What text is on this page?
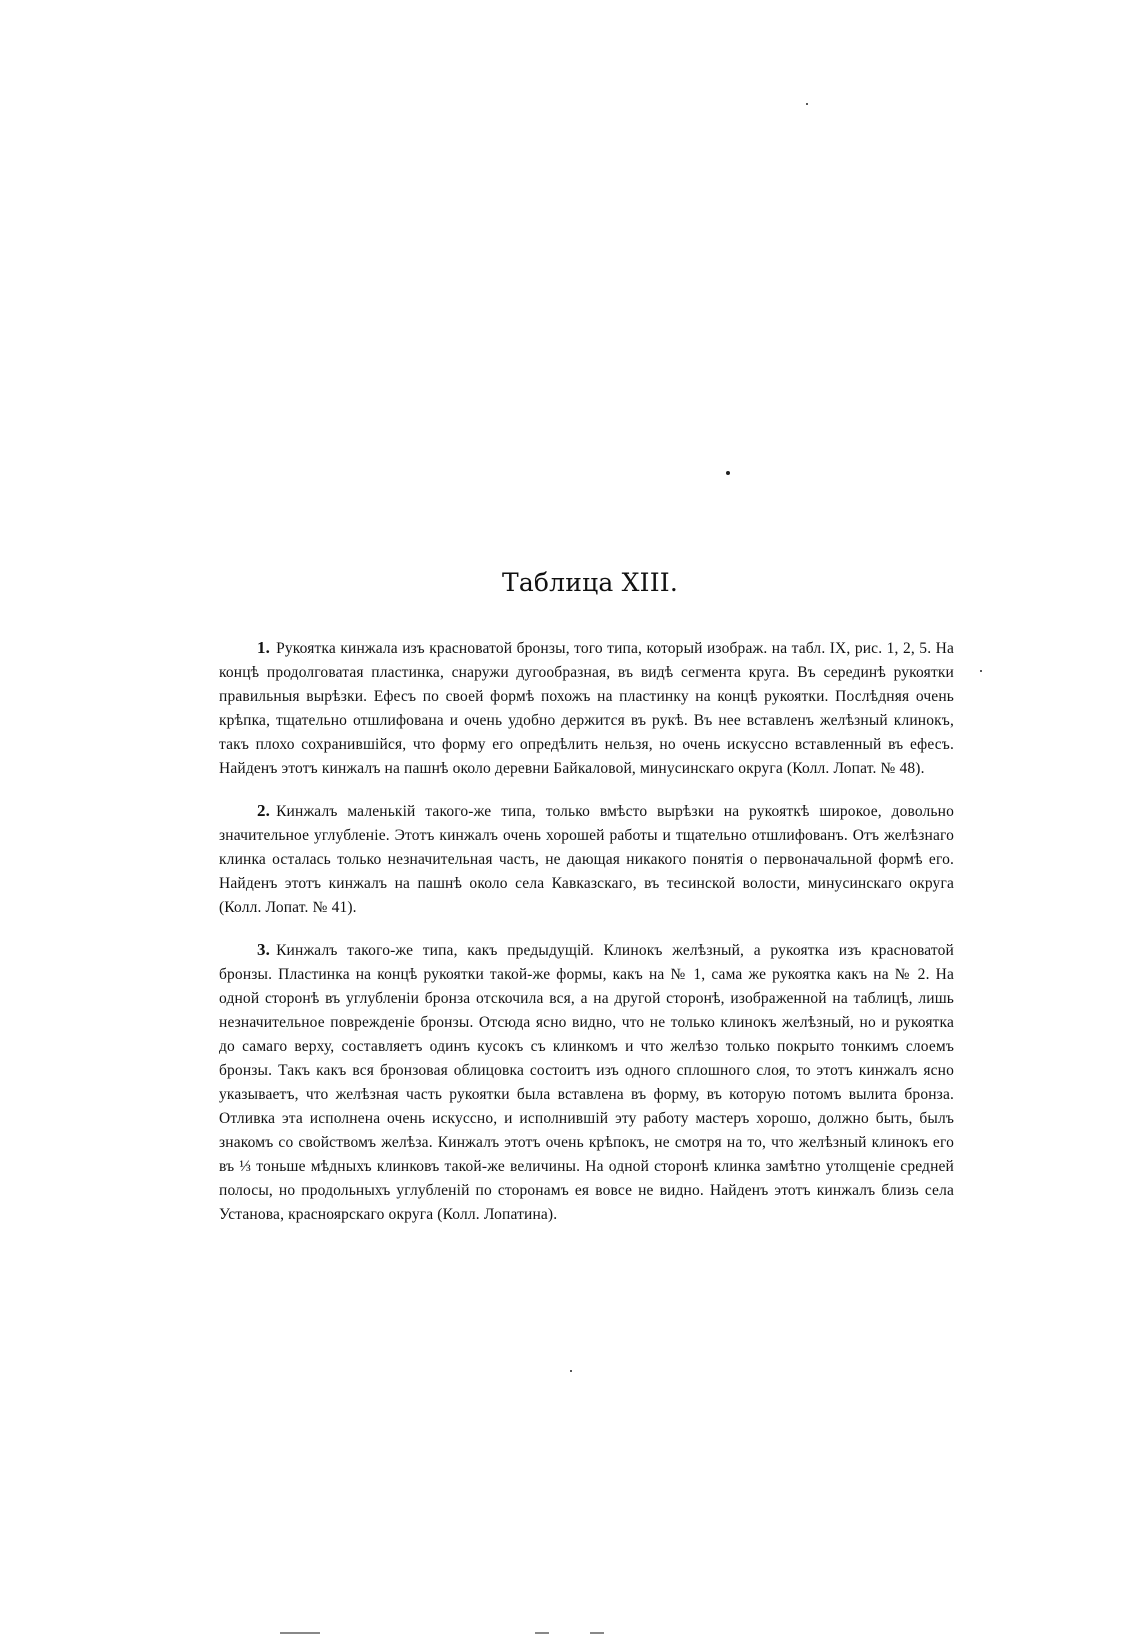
Таблица XIII.

1. Рукоятка кинжала изъ красноватой бронзы, того типа, который изображ. на табл. IX, рис. 1, 2, 5. На концѣ продолговатая пластинка, снаружи дугообразная, въ видѣ сегмента круга. Въ серединѣ рукоятки правильныя вырѣзки. Ефесъ по своей формѣ похожъ на пластинку на концѣ рукоятки. Послѣдняя очень крѣпка, тщательно отшлифована и очень удобно держится въ рукѣ. Въ нее вставленъ желѣзный клинокъ, такъ плохо сохранившійся, что форму его опредѣлить нельзя, но очень искуссно вставленный въ ефесъ. Найденъ этотъ кинжалъ на пашнѣ около деревни Байкаловой, минусинскаго округа (Колл. Лопат. № 48).

2. Кинжалъ маленькій такого-же типа, только вмѣсто вырѣзки на рукояткѣ широкое, довольно значительное углубленіе. Этотъ кинжалъ очень хорошей работы и тщательно отшлифованъ. Отъ желѣзнаго клинка осталась только незначительная часть, не дающая никакого понятія о первоначальной формѣ его. Найденъ этотъ кинжалъ на пашнѣ около села Кавказскаго, въ тесинской волости, минусинскаго округа (Колл. Лопат. № 41).

3. Кинжалъ такого-же типа, какъ предыдущій. Клинокъ желѣзный, а рукоятка изъ красноватой бронзы. Пластинка на концѣ рукоятки такой-же формы, какъ на № 1, сама же рукоятка какъ на № 2. На одной сторонѣ въ углубленіи бронза отскочила вся, а на другой сторонѣ, изображенной на таблицѣ, лишь незначительное поврежденіе бронзы. Отсюда ясно видно, что не только клинокъ желѣзный, но и рукоятка до самаго верху, составляетъ одинъ кусокъ съ клинкомъ и что желѣзо только покрыто тонкимъ слоемъ бронзы. Такъ какъ вся бронзовая облицовка состоитъ изъ одного сплошного слоя, то этотъ кинжалъ ясно указываетъ, что желѣзная часть рукоятки была вставлена въ форму, въ которую потомъ вылита бронза. Отливка эта исполнена очень искуссно, и исполнившій эту работу мастеръ хорошо, должно быть, былъ знакомъ со свойствомъ желѣза. Кинжалъ этотъ очень крѣпокъ, не смотря на то, что желѣзный клинокъ его въ ⅓ тоньше мѣдныхъ клинковъ такой-же величины. На одной сторонѣ клинка замѣтно утолщеніе средней полосы, но продольныхъ углубленій по сторонамъ ея вовсе не видно. Найденъ этотъ кинжалъ близь села Установа, красноярскаго округа (Колл. Лопатина).
